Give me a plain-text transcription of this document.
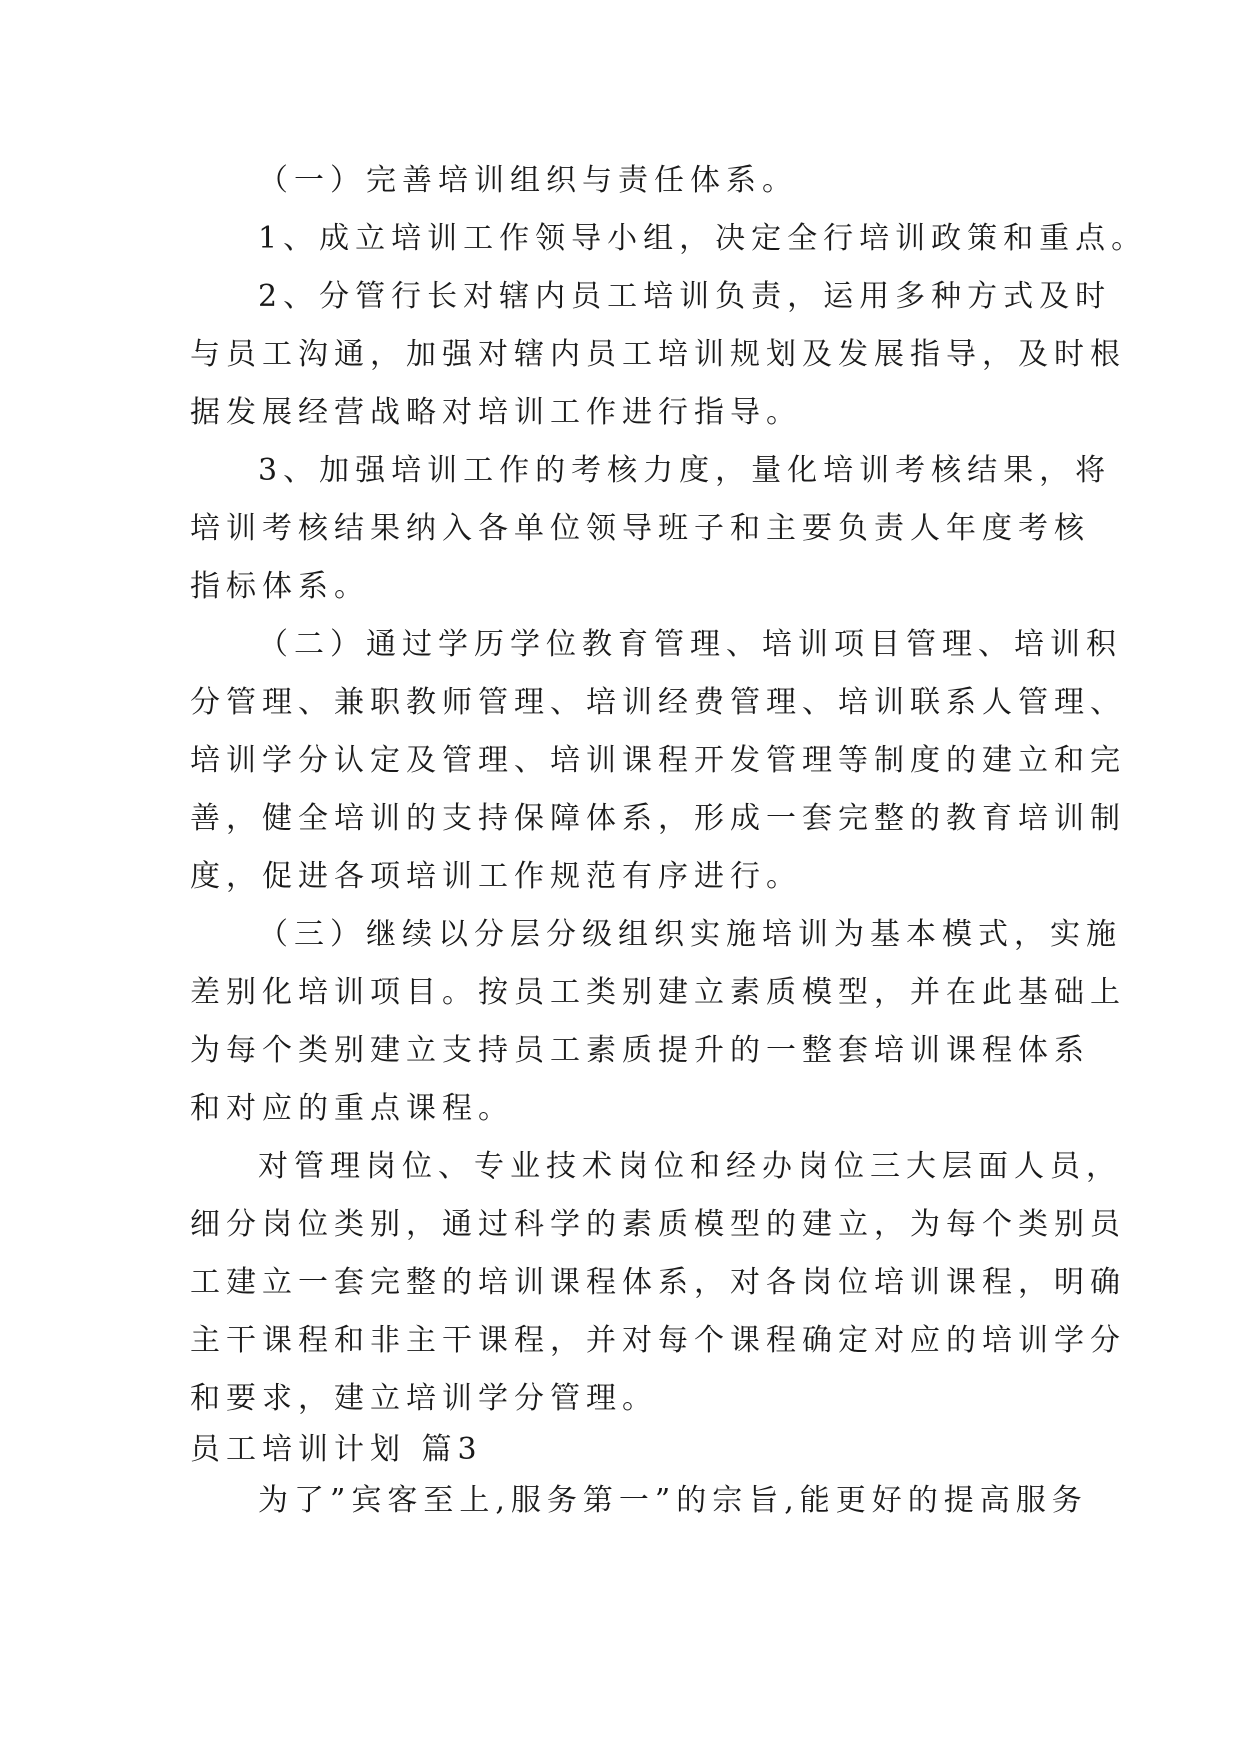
（一）完善培训组织与责任体系。
1、成立培训工作领导小组，决定全行培训政策和重点。
2、分管行长对辖内员工培训负责，运用多种方式及时
与员工沟通，加强对辖内员工培训规划及发展指导，及时根
据发展经营战略对培训工作进行指导。
3、加强培训工作的考核力度，量化培训考核结果，将
培训考核结果纳入各单位领导班子和主要负责人年度考核
指标体系。
（二）通过学历学位教育管理、培训项目管理、培训积
分管理、兼职教师管理、培训经费管理、培训联系人管理、
培训学分认定及管理、培训课程开发管理等制度的建立和完
善，健全培训的支持保障体系，形成一套完整的教育培训制
度，促进各项培训工作规范有序进行。
（三）继续以分层分级组织实施培训为基本模式，实施
差别化培训项目。按员工类别建立素质模型，并在此基础上
为每个类别建立支持员工素质提升的一整套培训课程体系
和对应的重点课程。
对管理岗位、专业技术岗位和经办岗位三大层面人员，
细分岗位类别，通过科学的素质模型的建立，为每个类别员
工建立一套完整的培训课程体系，对各岗位培训课程，明确
主干课程和非主干课程，并对每个课程确定对应的培训学分
和要求，建立培训学分管理。
员工培训计划 篇3
为了”宾客至上,服务第一”的宗旨,能更好的提高服务
